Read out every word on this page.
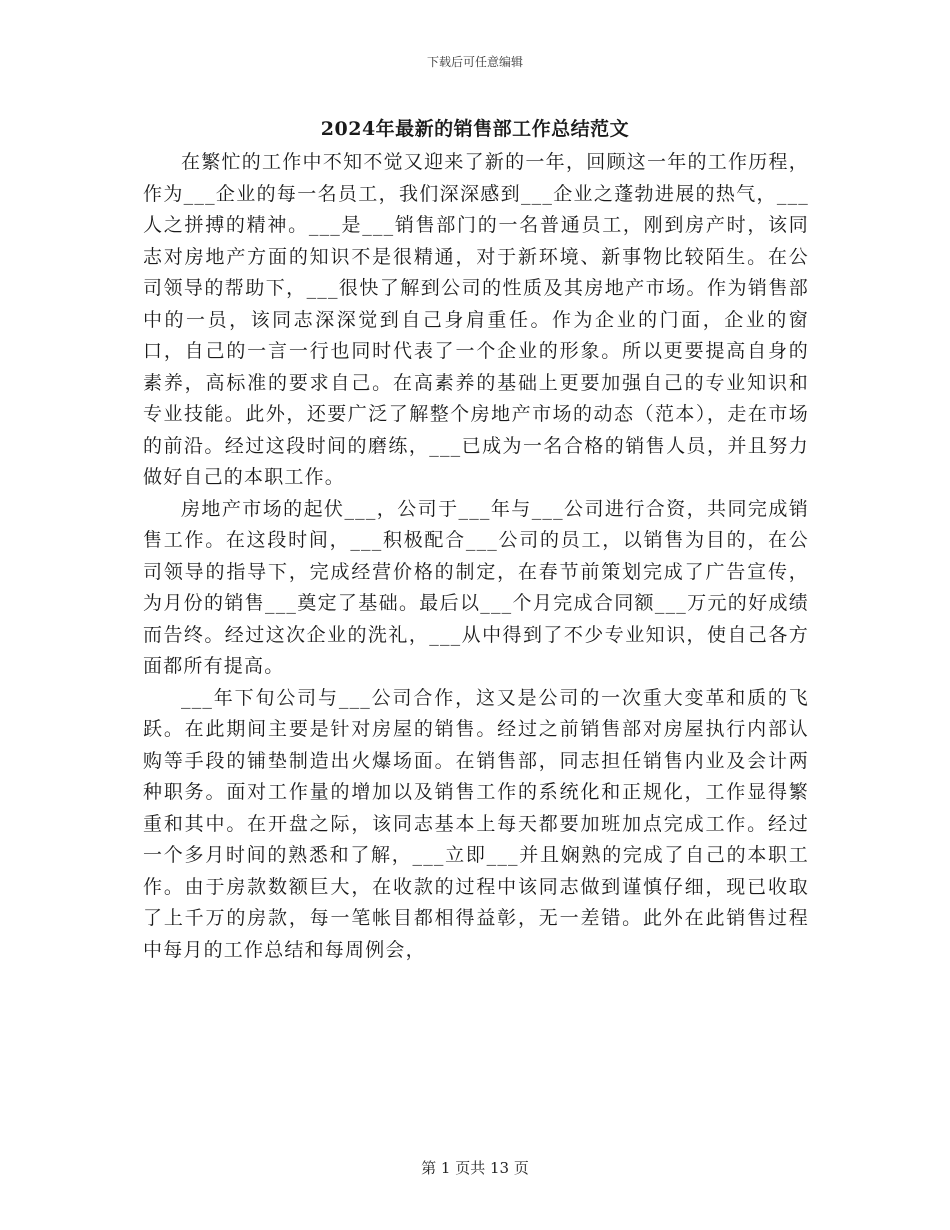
下载后可任意编辑
2024年最新的销售部工作总结范文

在繁忙的工作中不知不觉又迎来了新的一年，回顾这一年的工作历程，作为___企业的每一名员工，我们深深感到___企业之蓬勃进展的热气，___人之拼搏的精神。___是___销售部门的一名普通员工，刚到房产时，该同志对房地产方面的知识不是很精通，对于新环境、新事物比较陌生。在公司领导的帮助下，___很快了解到公司的性质及其房地产市场。作为销售部中的一员，该同志深深觉到自己身肩重任。作为企业的门面，企业的窗口，自己的一言一行也同时代表了一个企业的形象。所以更要提高自身的素养，高标准的要求自己。在高素养的基础上更要加强自己的专业知识和专业技能。此外，还要广泛了解整个房地产市场的动态（范本），走在市场的前沿。经过这段时间的磨练，___已成为一名合格的销售人员，并且努力做好自己的本职工作。

房地产市场的起伏___，公司于___年与___公司进行合资，共同完成销售工作。在这段时间，___积极配合___公司的员工，以销售为目的，在公司领导的指导下，完成经营价格的制定，在春节前策划完成了广告宣传，为月份的销售___奠定了基础。最后以___个月完成合同额___万元的好成绩而告终。经过这次企业的洗礼，___从中得到了不少专业知识，使自己各方面都所有提高。

___年下旬公司与___公司合作，这又是公司的一次重大变革和质的飞跃。在此期间主要是针对房屋的销售。经过之前销售部对房屋执行内部认购等手段的铺垫制造出火爆场面。在销售部，同志担任销售内业及会计两种职务。面对工作量的增加以及销售工作的系统化和正规化，工作显得繁重和其中。在开盘之际，该同志基本上每天都要加班加点完成工作。经过一个多月时间的熟悉和了解，___立即___并且娴熟的完成了自己的本职工作。由于房款数额巨大，在收款的过程中该同志做到谨慎仔细，现已收取了上千万的房款，每一笔帐目都相得益彰，无一差错。此外在此销售过程中每月的工作总结和每周例会，

第 1 页共 13 页
